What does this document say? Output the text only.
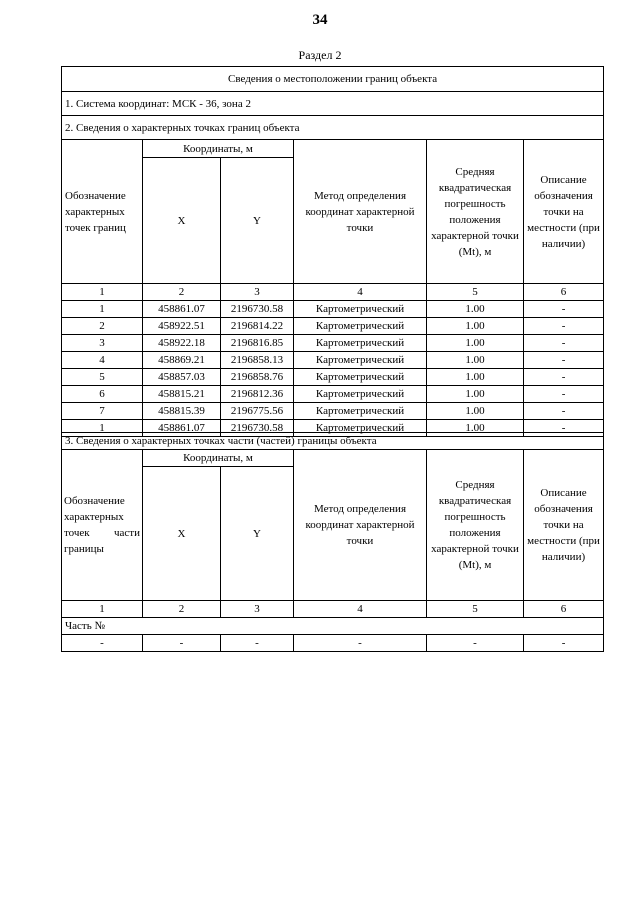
34
Раздел 2
Сведения о местоположении границ объекта					
1. Система координат: МСК - 36, зона 2					
2. Сведения о характерных точках границ объекта					
Обозначение характерных точек границ	Координаты, м		Метод определения координат характерной точки	Средняя квадратическая погрешность положения характерной точки (Mt), м	Описание обозначения точки на местности (при наличии)
	X	Y			
1	2	3	4	5	6
1	458861.07	2196730.58	Картометрический	1.00	-
2	458922.51	2196814.22	Картометрический	1.00	-
3	458922.18	2196816.85	Картометрический	1.00	-
4	458869.21	2196858.13	Картометрический	1.00	-
5	458857.03	2196858.76	Картометрический	1.00	-
6	458815.21	2196812.36	Картометрический	1.00	-
7	458815.39	2196775.56	Картометрический	1.00	-
1	458861.07	2196730.58	Картометрический	1.00	-
3. Сведения о характерных точках части (частей) границы объекта					
Обозначение характерных точек части границы	Координаты, м		Метод определения координат характерной точки	Средняя квадратическая погрешность положения характерной точки (Mt), м	Описание обозначения точки на местности (при наличии)
	X	Y			
1	2	3	4	5	6
Часть №					
-	-	-	-	-	-
